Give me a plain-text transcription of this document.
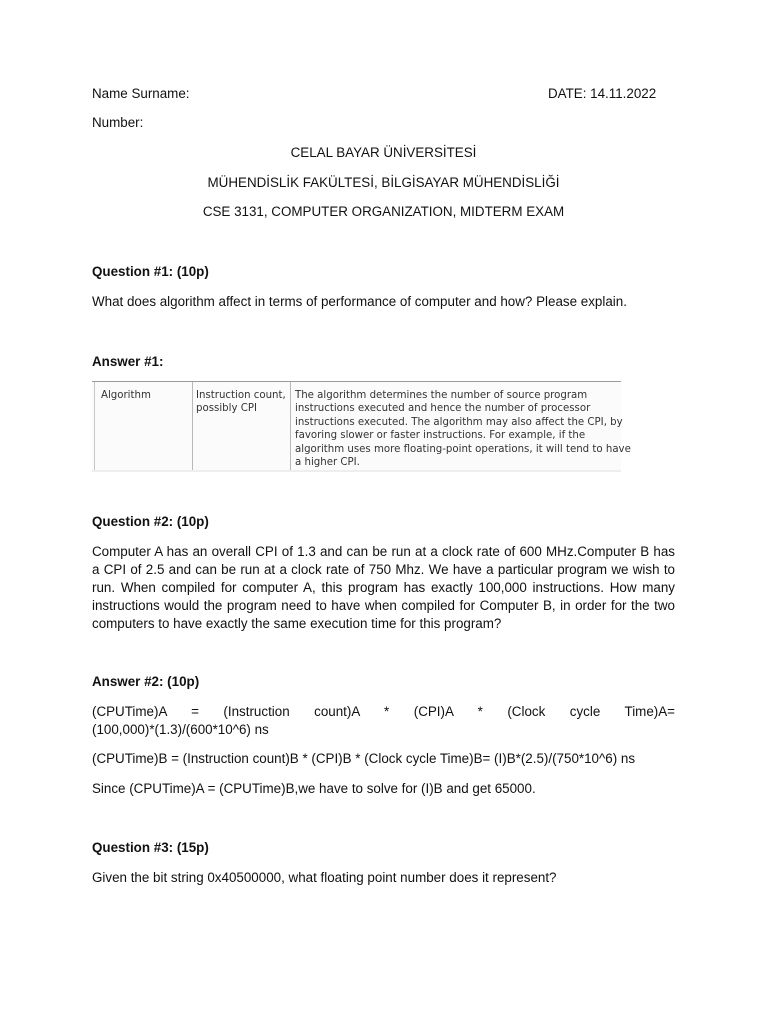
Name Surname:	DATE: 14.11.2022
Number:
CELAL BAYAR ÜNİVERSİTESİ
MÜHENDİSLİK FAKÜLTESİ, BİLGİSAYAR MÜHENDİSLİĞİ
CSE 3131, COMPUTER ORGANIZATION, MIDTERM EXAM
Question #1: (10p)
What does algorithm affect in terms of performance of computer and how? Please explain.
Answer #1:
Algorithm	Instruction count,
possibly CPI
The algorithm determines the number of source program
instructions executed and hence the number of processor
instructions executed. The algorithm may also affect the CPI, by
favoring slower or faster instructions. For example, if the
algorithm uses more floating-point operations, it will tend to have
a higher CPI.
Question #2: (10p)
Computer A has an overall CPI of 1.3 and can be run at a clock rate of 600 MHz.Computer B has a CPI of 2.5 and can be run at a clock rate of 750 Mhz. We have a particular program we wish to run. When compiled for computer A, this program has exactly 100,000 instructions. How many instructions would the program need to have when compiled for Computer B, in order for the two computers to have exactly the same execution time for this program?
Answer #2: (10p)
(CPUTime)A = (Instruction count)A * (CPI)A * (Clock cycle Time)A=
(100,000)*(1.3)/(600*10^6) ns
(CPUTime)B = (Instruction count)B * (CPI)B * (Clock cycle Time)B= (I)B*(2.5)/(750*10^6) ns
Since (CPUTime)A = (CPUTime)B,we have to solve for (I)B and get 65000.
Question #3: (15p)
Given the bit string 0x40500000, what floating point number does it represent?
